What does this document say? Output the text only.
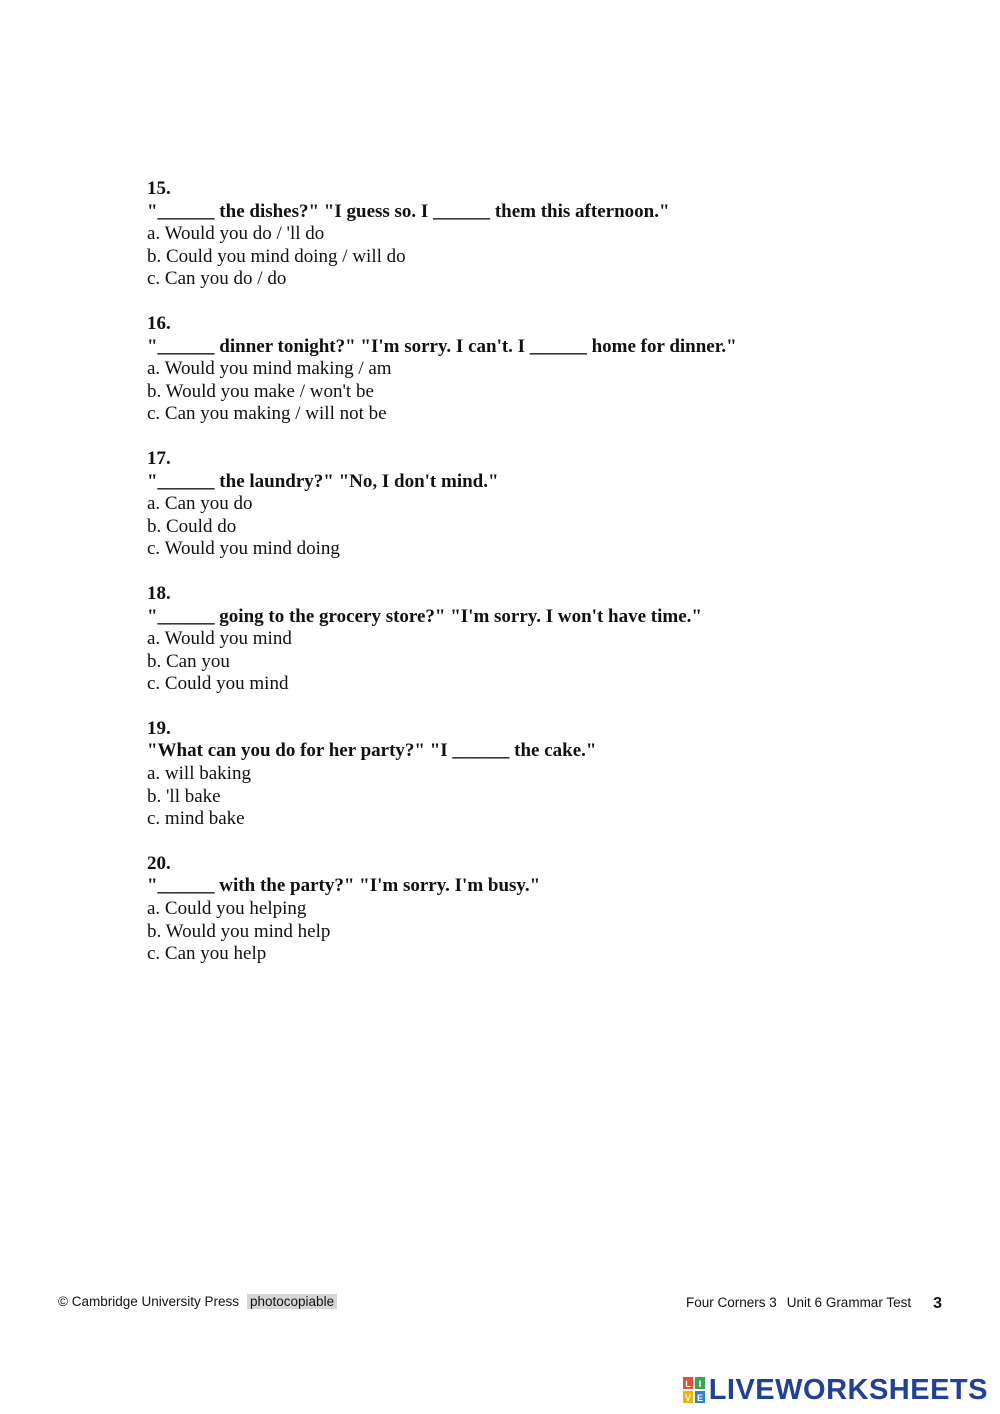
15.
"______ the dishes?" "I guess so. I ______ them this afternoon."
a. Would you do / 'll do
b. Could you mind doing / will do
c. Can you do / do
16.
"______ dinner tonight?" "I'm sorry. I can't. I ______ home for dinner."
a. Would you mind making / am
b. Would you make / won't be
c. Can you making / will not be
17.
"______ the laundry?" "No, I don't mind."
a. Can you do
b. Could do
c. Would you mind doing
18.
"______ going to the grocery store?" "I'm sorry. I won't have time."
a. Would you mind
b. Can you
c. Could you mind
19.
"What can you do for her party?" "I ______ the cake."
a. will baking
b. 'll bake
c. mind bake
20.
"______ with the party?" "I'm sorry. I'm busy."
a. Could you helping
b. Would you mind help
c. Can you help
© Cambridge University Press photocopiable	Four Corners 3 Unit 6 Grammar Test 3
L I
V E LIVEWORKSHEETS
